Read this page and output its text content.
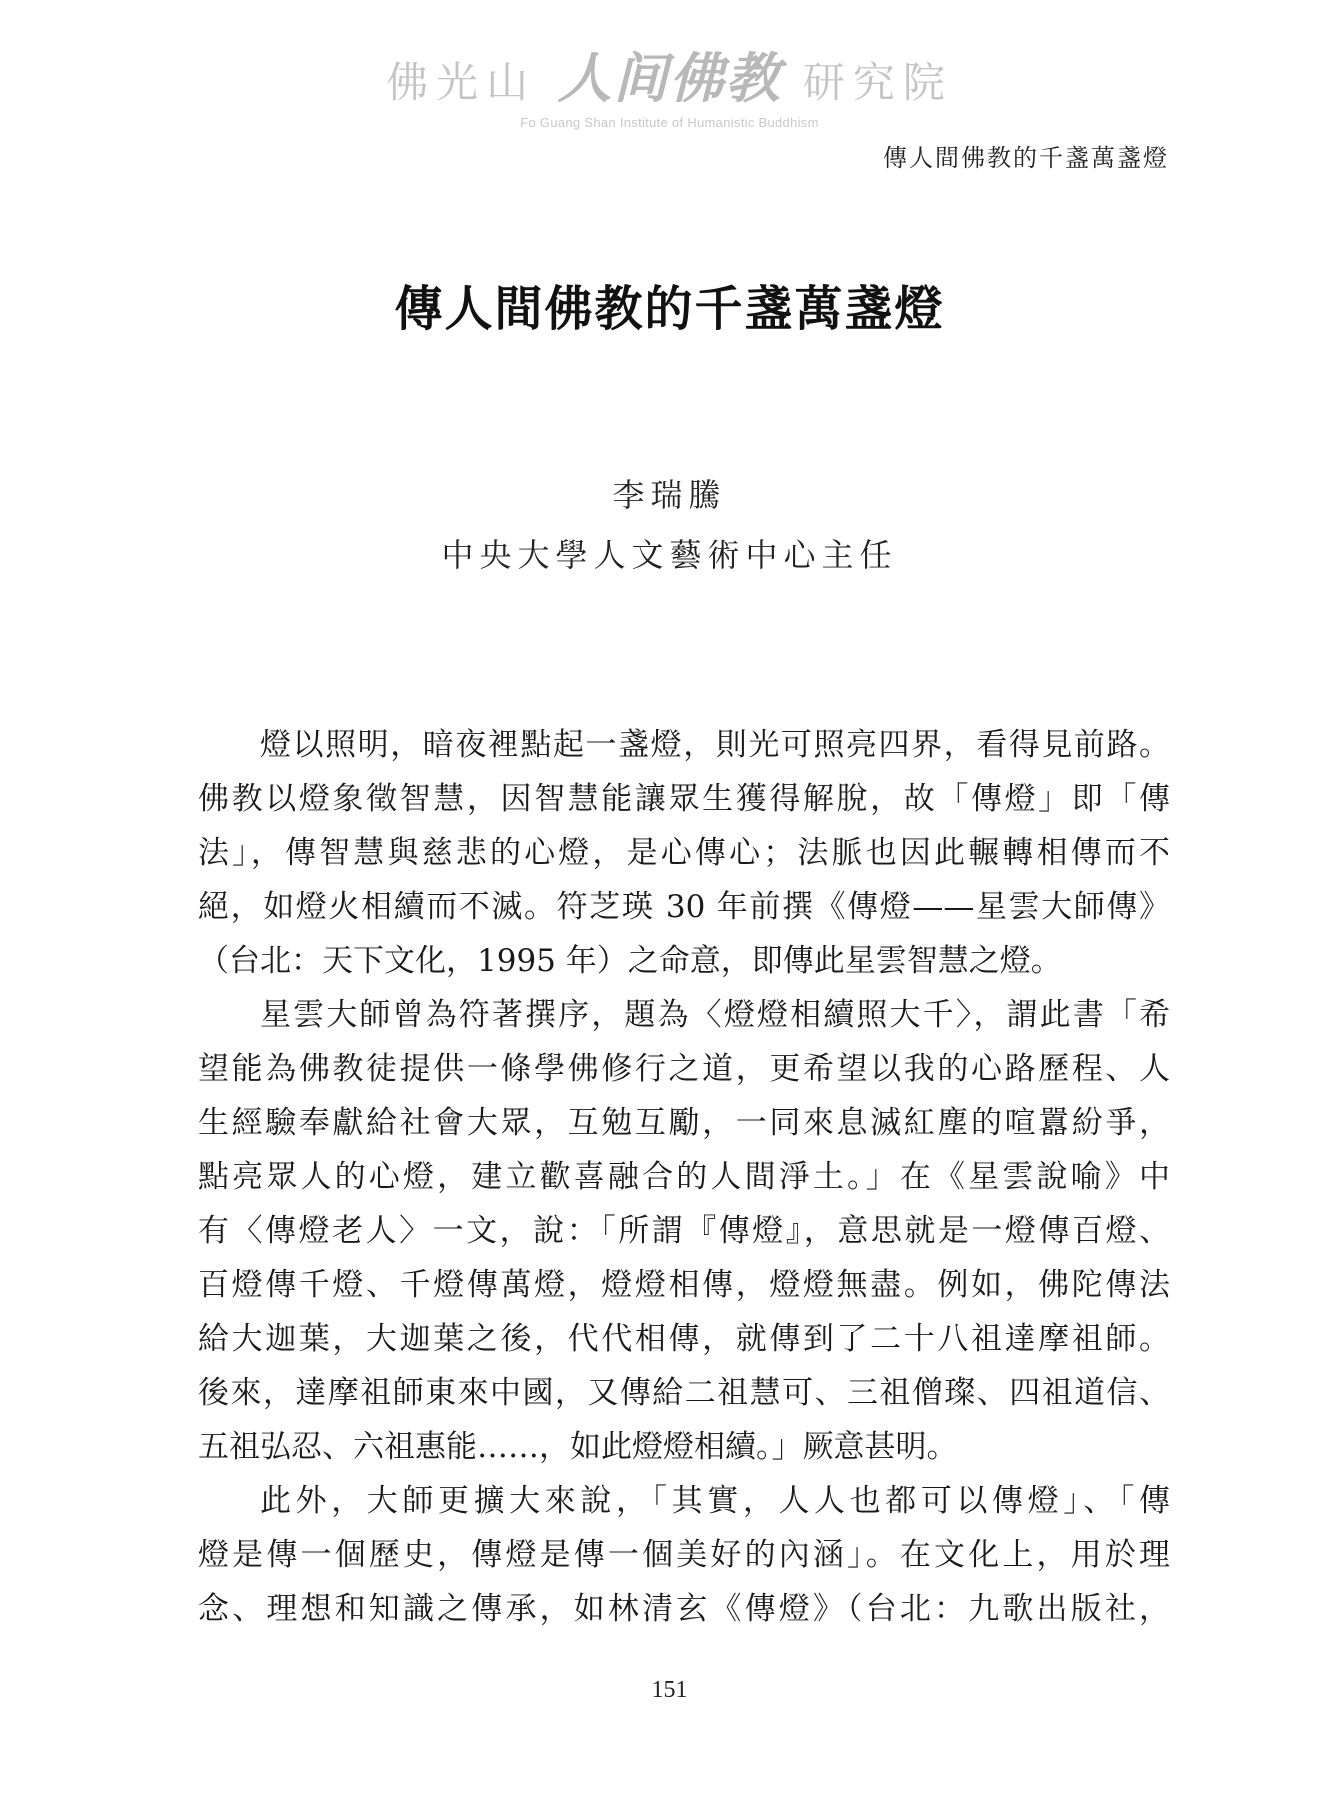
佛光山 人间佛教 研究院
Fo Guang Shan Institute of Humanistic Buddhism
傳人間佛教的千盞萬盞燈
傳人間佛教的千盞萬盞燈
李瑞騰
中央大學人文藝術中心主任
燈以照明，暗夜裡點起一盞燈，則光可照亮四界，看得見前路。
佛教以燈象徵智慧，因智慧能讓眾生獲得解脫，故「傳燈」即「傳
法」，傳智慧與慈悲的心燈，是心傳心；法脈也因此輾轉相傳而不
絕，如燈火相續而不滅。符芝瑛 30 年前撰《傳燈——星雲大師傳》
（台北：天下文化，1995 年）之命意，即傳此星雲智慧之燈。
星雲大師曾為符著撰序，題為〈燈燈相續照大千〉，謂此書「希
望能為佛教徒提供一條學佛修行之道，更希望以我的心路歷程、人
生經驗奉獻給社會大眾，互勉互勵，一同來息滅紅塵的喧囂紛爭，
點亮眾人的心燈，建立歡喜融合的人間淨土。」在《星雲說喻》中
有〈傳燈老人〉一文，說：「所謂『傳燈』，意思就是一燈傳百燈、
百燈傳千燈、千燈傳萬燈，燈燈相傳，燈燈無盡。例如，佛陀傳法
給大迦葉，大迦葉之後，代代相傳，就傳到了二十八祖達摩祖師。
後來，達摩祖師東來中國，又傳給二祖慧可、三祖僧璨、四祖道信、
五祖弘忍、六祖惠能……，如此燈燈相續。」厥意甚明。
此外，大師更擴大來說，「其實，人人也都可以傳燈」、「傳
燈是傳一個歷史，傳燈是傳一個美好的內涵」。在文化上，用於理
念、理想和知識之傳承，如林清玄《傳燈》（台北：九歌出版社，
151
